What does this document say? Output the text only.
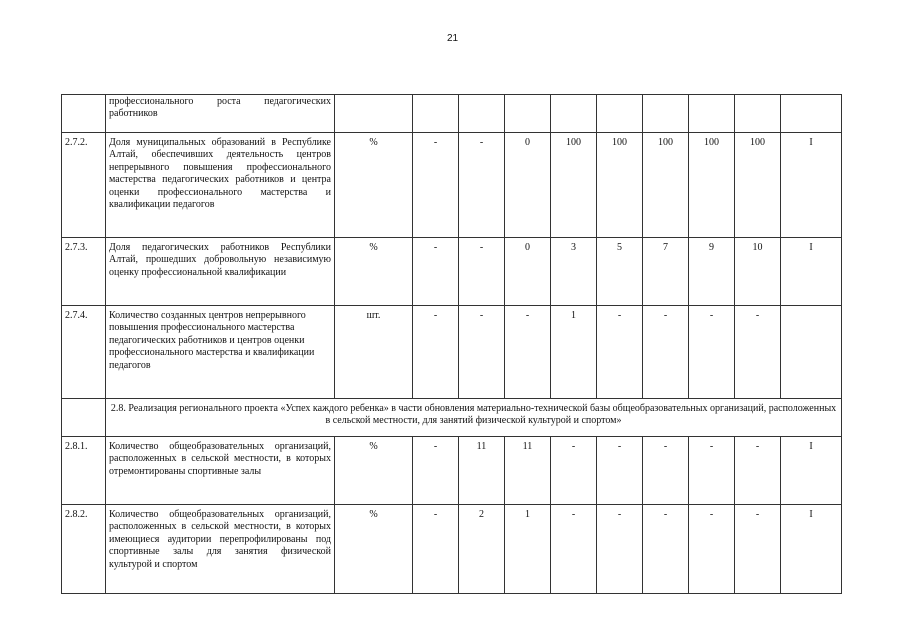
21
	профессионального роста педагогических работников										
2.7.2.	Доля муниципальных образований в Республике Алтай, обеспечивших деятельность центров непрерывного повышения профессионального мастерства педагогических работников и центра оценки профессионального мастерства и квалификации педагогов	%	-	-	0	100	100	100	100	100	I
2.7.3.	Доля педагогических работников Республики Алтай, прошедших добровольную независимую оценку профессиональной квалификации	%	-	-	0	3	5	7	9	10	I
2.7.4.	Количество созданных центров непрерывного повышения профессионального мастерства педагогических работников и центров оценки профессионального мастерства и квалификации педагогов	шт.	-	-	-	1	-	-	-	-	
	2.8. Реализация регионального проекта «Успех каждого ребенка» в части обновления материально-технической базы общеобразовательных организаций, расположенных в сельской местности, для занятий физической культурой и спортом»										
2.8.1.	Количество общеобразовательных организаций, расположенных в сельской местности, в которых отремонтированы спортивные залы	%	-	11	11	-	-	-	-	-	I
2.8.2.	Количество общеобразовательных организаций, расположенных в сельской местности, в которых имеющиеся аудитории перепрофилированы под спортивные залы для занятия физической культурой и спортом	%	-	2	1	-	-	-	-	-	I
